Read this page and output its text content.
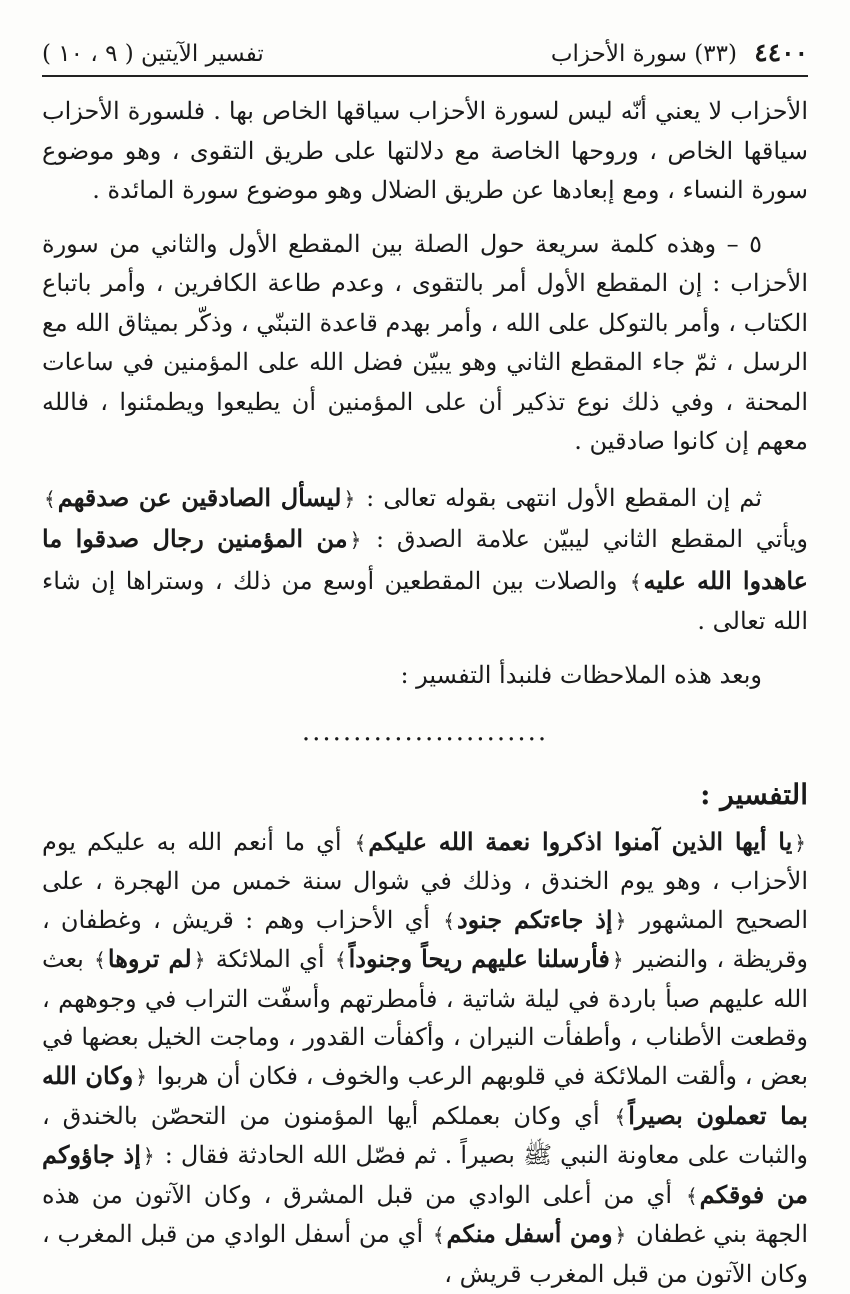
٤٤٠٠ (٣٣) سورة الأحزاب
تفسير الآيتين ( ٩ ، ١٠ )

الأحزاب لا يعني أنّه ليس لسورة الأحزاب سياقها الخاص بها . فلسورة الأحزاب سياقها الخاص ، وروحها الخاصة مع دلالتها على طريق التقوى ، وهو موضوع سورة النساء ، ومع إبعادها عن طريق الضلال وهو موضوع سورة المائدة .

٥ – وهذه كلمة سريعة حول الصلة بين المقطع الأول والثاني من سورة الأحزاب : إن المقطع الأول أمر بالتقوى ، وعدم طاعة الكافرين ، وأمر باتباع الكتاب ، وأمر بالتوكل على الله ، وأمر بهدم قاعدة التبنّي ، وذكّر بميثاق الله مع الرسل ، ثمّ جاء المقطع الثاني وهو يبيّن فضل الله على المؤمنين في ساعات المحنة ، وفي ذلك نوع تذكير أن على المؤمنين أن يطيعوا ويطمئنوا ، فالله معهم إن كانوا صادقين .

ثم إن المقطع الأول انتهى بقوله تعالى : ﴿ليسأل الصادقين عن صدقهم﴾ ويأتي المقطع الثاني ليبيّن علامة الصدق : ﴿من المؤمنين رجال صدقوا ما عاهدوا الله عليه﴾ والصلات بين المقطعين أوسع من ذلك ، وستراها إن شاء الله تعالى .

وبعد هذه الملاحظات فلنبدأ التفسير :

........................
التفسير :

﴿يا أيها الذين آمنوا اذكروا نعمة الله عليكم﴾ أي ما أنعم الله به عليكم يوم الأحزاب ، وهو يوم الخندق ، وذلك في شوال سنة خمس من الهجرة ، على الصحيح المشهور ﴿إذ جاءتكم جنود﴾ أي الأحزاب وهم : قريش ، وغطفان ، وقريظة ، والنضير ﴿فأرسلنا عليهم ريحاً وجنوداً﴾ أي الملائكة ﴿لم تروها﴾ بعث الله عليهم صبأ باردة في ليلة شاتية ، فأمطرتهم وأسفّت التراب في وجوههم ، وقطعت الأطناب ، وأطفأت النيران ، وأكفأت القدور ، وماجت الخيل بعضها في بعض ، وألقت الملائكة في قلوبهم الرعب والخوف ، فكان أن هربوا ﴿وكان الله بما تعملون بصيراً﴾ أي وكان بعملكم أيها المؤمنون من التحصّن بالخندق ، والثبات على معاونة النبي ﷺ بصيراً . ثم فصّل الله الحادثة فقال : ﴿إذ جاؤوكم من فوقكم﴾ أي من أعلى الوادي من قبل المشرق ، وكان الآتون من هذه الجهة بني غطفان ﴿ومن أسفل منكم﴾ أي من أسفل الوادي من قبل المغرب ، وكان الآتون من قبل المغرب قريش ،
